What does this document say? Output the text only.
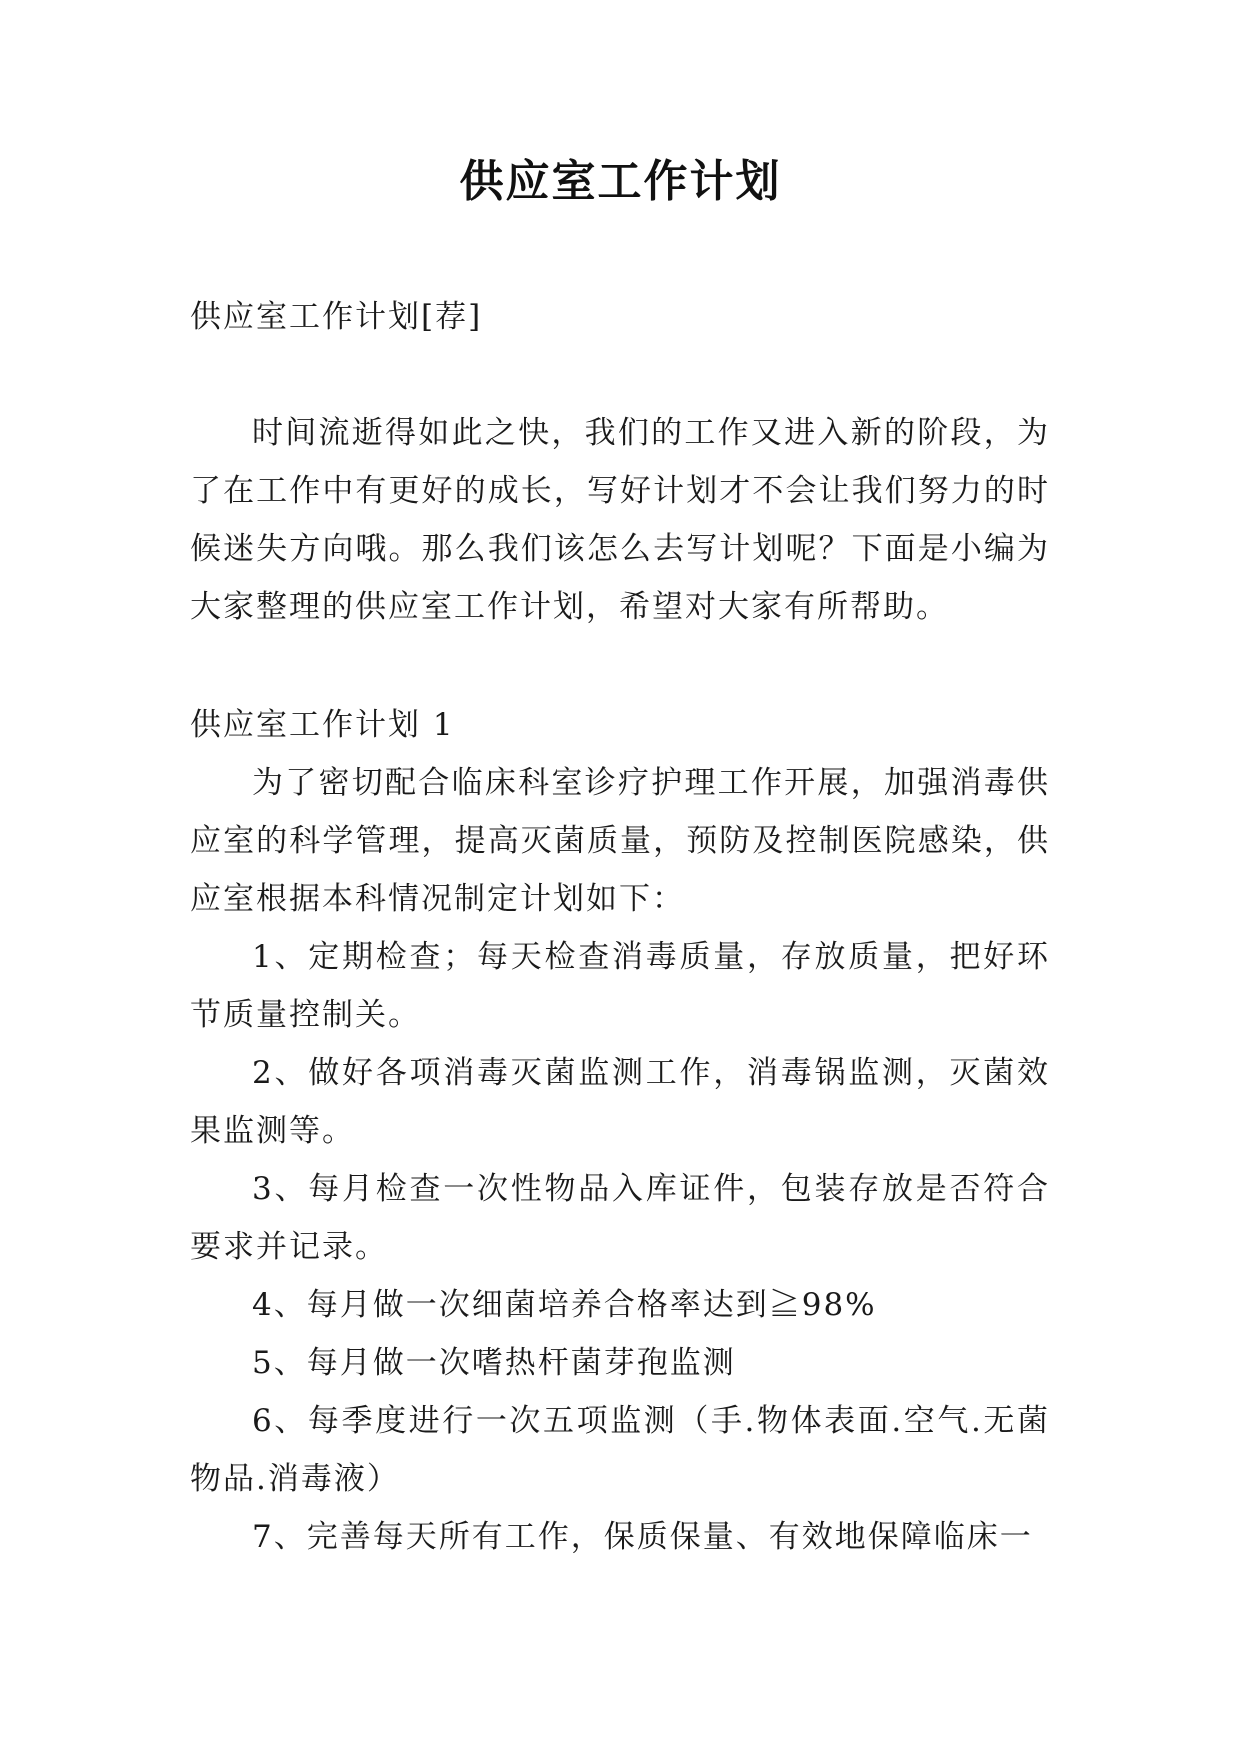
供应室工作计划

供应室工作计划[荐]

时间流逝得如此之快，我们的工作又进入新的阶段，为了在工作中有更好的成长，写好计划才不会让我们努力的时候迷失方向哦。那么我们该怎么去写计划呢？下面是小编为大家整理的供应室工作计划，希望对大家有所帮助。

供应室工作计划 1

为了密切配合临床科室诊疗护理工作开展，加强消毒供应室的科学管理，提高灭菌质量，预防及控制医院感染，供应室根据本科情况制定计划如下：

1、定期检查；每天检查消毒质量，存放质量，把好环节质量控制关。

2、做好各项消毒灭菌监测工作，消毒锅监测，灭菌效果监测等。

3、每月检查一次性物品入库证件，包装存放是否符合要求并记录。

4、每月做一次细菌培养合格率达到≧98%

5、每月做一次嗜热杆菌芽孢监测

6、每季度进行一次五项监测（手.物体表面.空气.无菌物品.消毒液）

7、完善每天所有工作，保质保量、有效地保障临床一
